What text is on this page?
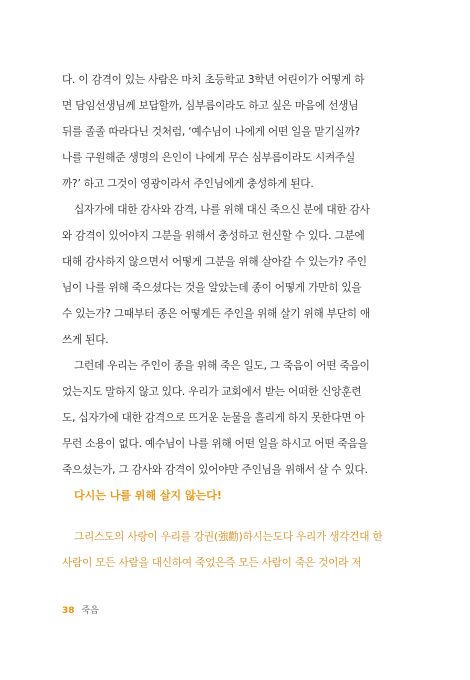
다. 이 감격이 있는 사람은 마치 초등학교 3학년 어린이가 어떻게 하
면 담임선생님께 보답할까, 심부름이라도 하고 싶은 마음에 선생님
뒤를 졸졸 따라다닌 것처럼, ‘예수님이 나에게 어떤 일을 맡기실까?
나를 구원해준 생명의 은인이 나에게 무슨 심부름이라도 시켜주실
까?’ 하고 그것이 영광이라서 주인님에게 충성하게 된다.
십자가에 대한 감사와 감격, 나를 위해 대신 죽으신 분에 대한 감사
와 감격이 있어야지 그분을 위해서 충성하고 헌신할 수 있다. 그분에
대해 감사하지 않으면서 어떻게 그분을 위해 살아갈 수 있는가? 주인
님이 나를 위해 죽으셨다는 것을 알았는데 종이 어떻게 가만히 있을
수 있는가? 그때부터 종은 어떻게든 주인을 위해 살기 위해 부단히 애
쓰게 된다.
그런데 우리는 주인이 종을 위해 죽은 일도, 그 죽음이 어떤 죽음이
었는지도 말하지 않고 있다. 우리가 교회에서 받는 어떠한 신앙훈련
도, 십자가에 대한 감격으로 뜨거운 눈물을 흘리게 하지 못한다면 아
무런 소용이 없다. 예수님이 나를 위해 어떤 일을 하시고 어떤 죽음을
죽으셨는가, 그 감사와 감격이 있어야만 주인님을 위해서 살 수 있다.
다시는 나를 위해 살지 않는다!
그리스도의 사랑이 우리를 강권(強勸)하시는도다 우리가 생각건대 한
사람이 모든 사람을 대신하여 죽었은즉 모든 사람이 죽은 것이라 저
38 죽음
